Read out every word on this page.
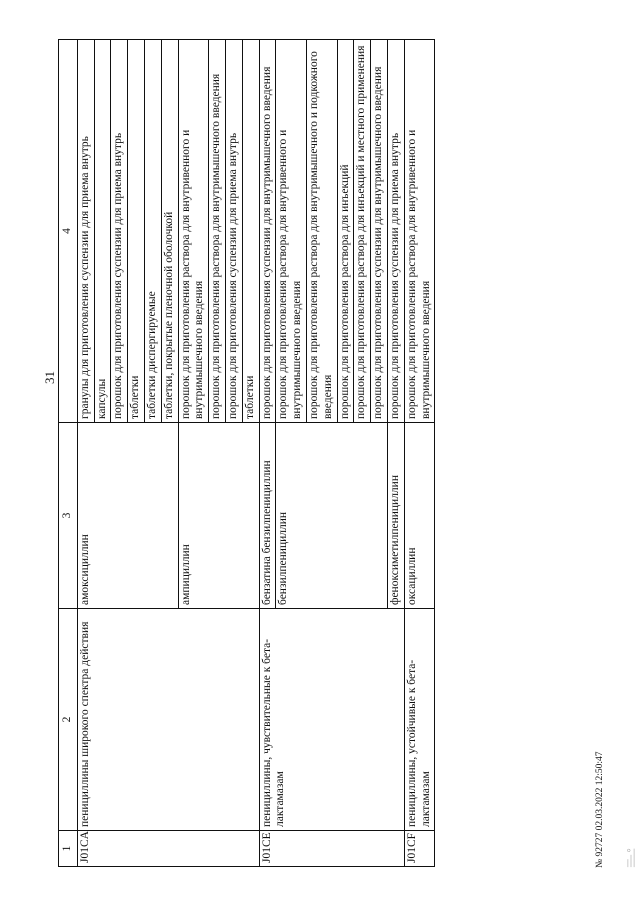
31
1	2	3	4
J01CA	пенициллины широкого спектра действия	амоксициллин	гранулы для приготовления суспензии для приема внутрь
			капсулы
			порошок для приготовления суспензии для приема внутрь
			таблетки
			таблетки диспергируемые
			таблетки, покрытые пленочной оболочкой
		ампициллин	порошок для приготовления раствора для внутривенного и внутримышечного введения
			порошок для приготовления раствора для внутримышечного введения
			порошок для приготовления суспензии для приема внутрь
			таблетки
J01CE	пенициллины, чувствительные к бета-лактамазам	бензатина бензилпенициллин	порошок для приготовления суспензии для внутримышечного введения
		бензилпенициллин	порошок для приготовления раствора для внутривенного и внутримышечного введения
			порошок для приготовления раствора для внутримышечного и подкожного введения
			порошок для приготовления раствора для инъекций
			порошок для приготовления раствора для инъекций и местного применения
			порошок для приготовления суспензии для внутримышечного введения
		феноксиметилпенициллин	порошок для приготовления суспензии для приема внутрь
J01CF	пенициллины, устойчивые к бета-лактамазам	оксациллин	порошок для приготовления раствора для внутривенного и внутримышечного введения
№ 92727 02.03.2022 12:50:47
